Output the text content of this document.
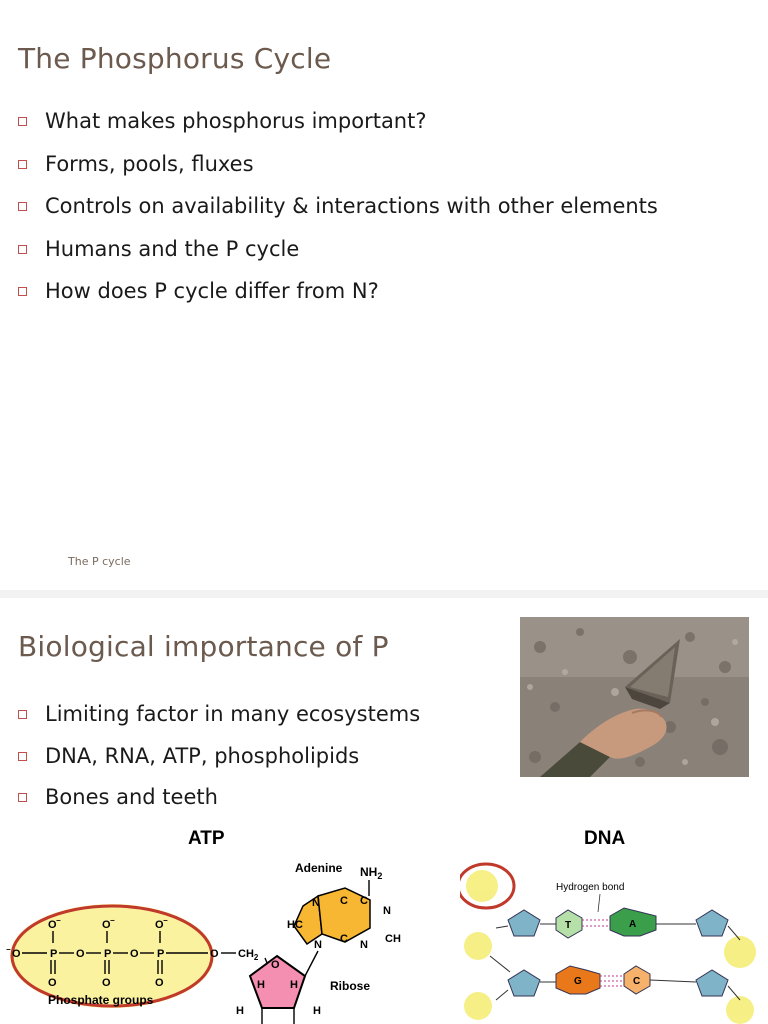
The Phosphorus Cycle
What makes phosphorus important?
Forms, pools, fluxes
Controls on availability & interactions with other elements
Humans and the P cycle
How does P cycle differ from N?
The P cycle
Biological importance of P
Limiting factor in many ecosystems
DNA, RNA, ATP, phospholipids
Bones and teeth
ATP	DNA
O −	O −	O −
O
−	P O P O P	O
O	O	O
Phosphate groups
$CH_2$
O
H H
H	H
Ribose
N C C
N
CH
N
C
HC
N
Adenine $NH_2$
Hydrogen bond
T	A
G	C
